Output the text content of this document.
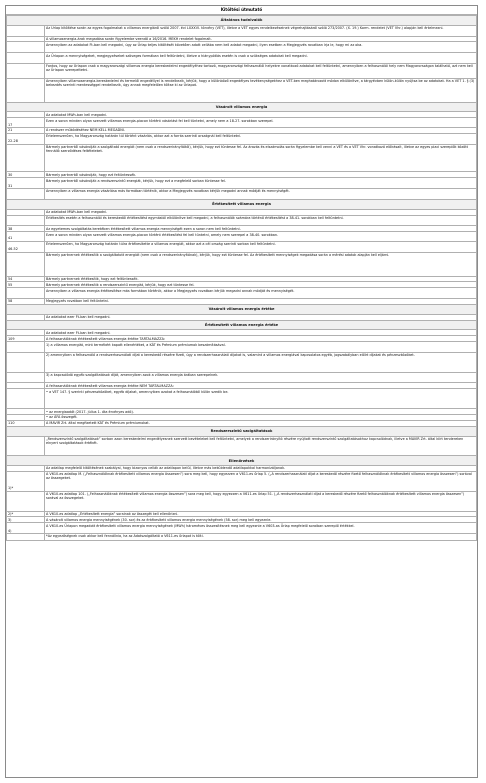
Kitöltési útmutató
Általános tudnivalók	
	Az Űrlap kitöltése során az egyes fogalmakat a villamos energiáról szóló 2007. évi LXXXVI. törvény (VET), illetve a VET egyes rendelkezéseinek végrehajtásáról szóló 273/2007. (X. 19.) Korm. rendelet (VET Vhr.) alapján kell értelmezni.
	A villamosenergia-árak megadása során figyelembe veendő a 16/2016. MEKH rendelet fogalmait.
	Amennyiben az adatokat Ft-ban kell megadni, úgy az Űrlap teljes kitöltését követően adott cellába nem kell adatot megadni, ilyen esetben a Megjegyzés rovatban írja le, hogy mi az oka.
	Az Űrlapon a mennyiségeket, megjegyzéseket szöveges formában kell feltüntetni, illetve a hiánypótlás esetén is csak a szükséges adatokat kell megadni.
	Fontos, hogy az Űrlapon csak a magyarországi villamos energia kereskedelmi engedélyéhez tartozó, magyarországi felhasználói helyekre vonatkozó adatokat kell feltüntetni, amennyiben a felhasználói hely nem Magyarországon található, azt nem kell az Űrlapon szerepeltetni.
	Amennyiben villamosenergia-kereskedelmi és termelői engedéllyel is rendelkezik, kérjük, hogy a különböző engedélyes tevékenységekhez a VET-ben meghatározott módon elkülönítve, a tárgyévben külön-külön nyújtsa be az adatokat. Ha a VET 1. § (3) bekezdés szerinti mentességgel rendelkezik, úgy annak megfelelően töltse ki az Űrlapot.
Vásárolt villamos energia	
	Az adatokat MWh-ban kell megadni.
17	Ezen a soron minden olyan szerzett villamos energia-piacon történt vásárlást fel kell tüntetni, amely nem a 18-27. sorokban szerepel.
21	A rendszer működéséhez NEM KELL MEGADNI.
22-28	Értelemszerűen, ha Magyarország határán túl történt vásárlás, akkor azt a forrás szerinti országnál kell feltüntetni.
	Bármely partnertől vásárolják a szolgáltató energiát (nem csak a rendszerirányítótól), kérjük, hogy ezt tüntesse fel. Az árazás és elszámolás során figyelembe kell venni a VET és a VET Vhr. vonatkozó előírásait, illetve az egyes piaci szereplők között fennálló szerződéses feltételeket.
30	Bármely partnertől vásárolják, hogy ezt feltüntessék.
31	Bármely partnertől vásárolják a rendszerszintű energiát, kérjük, hogy ezt a megfelelő sorban tüntesse fel.
	Amennyiben a villamos energia vásárlása más formában történik, akkor a Megjegyzés rovatban kérjük megadni annak módját és mennyiségét.
Értékesített villamos energia	
	Az adatokat MWh-ban kell megadni.
	Értékesítés esetén a felhasználói és kereskedői értékesítést egymástól elkülönítve kell megadni, a felhasználók számára történő értékesítést a 38-41. sorokban kell feltüntetni.
38	Az egyetemes szolgáltatás keretében értékesített villamos energia mennyiségét ezen a soron nem kell feltüntetni.
41	Ezen a soron minden olyan szerzett villamos energia-piacon történt értékesítést fel kell tüntetni, amely nem szerepel a 38-40. sorokban.
46-52	Értelemszerűen, ha Magyarország határán túlra értékesítette a villamos energiát, akkor azt a cél ország szerinti sorban kell feltüntetni.
	Bármely partnernek értékesítik a szolgáltatott energiát (nem csak a rendszerirányítónak), kérjük, hogy ezt tüntesse fel. Az értékesített mennyiségek megadása során a mérési adatok alapján kell eljárni.
54	Bármely partnernek értékesítik, hogy ezt feltüntessék.
55	Bármely partnernek értékesítik a rendszerszintű energiát, kérjük, hogy ezt tüntesse fel.
	Amennyiben a villamos energia értékesítése más formában történik, akkor a Megjegyzés rovatban kérjük megadni annak módját és mennyiségét.
58	Megjegyzés rovatban kell feltüntetni.
Vásárolt villamos energia értéke	
	Az adatokat ezer Ft-ban kell megadni.
Értékesített villamos energia értéke	
	Az adatokat ezer Ft-ban kell megadni.
109	A felhasználóknak értékesített villamos energia értéke TARTALMAZZA:
	1) a villamos energiát, mint termékért kapott ellenértéket, a KÁT és Prémium prémiumok beszámításával.
	2) amennyiben a felhasználó a rendszerhasználati díjat a kereskedő részére fizeti, úgy a rendszerhasználati díjakat is, valamint a villamos energiával kapcsolatos egyéb, jogszabályban előírt díjakat és pénzeszközöket.
	3) a kapcsolódó egyéb szolgáltatások díját, amennyiben azok a villamos energia árában szerepelnek.
	A felhasználóknak értékesített villamos energia értéke NEM TARTALMAZZA:
	• a VET 147. § szerinti pénzeszközöket, egyéb díjakat, amennyiben azokat a felhasználótól külön szedik be.
	• az energiaadót (2017. július 1. óta érvényes adó).
	• az ÁFA összegét.
110	A MAVIR Zrt. által megfizetett KÁT és Prémium prémiumokat.
Rendszerszintű szolgáltatások	
	„Rendszerszintű szolgáltatások” sorban azon kereskedelmi engedélyesnek szerzett bevételeket kell feltüntetni, amelyek a rendszerirányító részére nyújtott rendszerszintű szolgáltatásokhoz kapcsolódnak, illetve a MAVIR Zrt. által kiírt tendereken elnyert szolgáltatások értékét.
Ellenőrzések	
	Az adatlap megfelelő kitöltésének szabályai, hogy bizonyos cellák az adatlapon belül, illetve más beküldendő adatlapokkal harmonizáljanak.
1)*	A V610-es adatlap M. („Felhasználóknak értékesített villamos energia összesen”) sora meg kell, hogy egyezzen a V611-es űrlap 5. („A rendszerhasználati díjat a kereskedő részére fizető felhasználóknak értékesített villamos energia összesen”) sorával az összegeket.
	A V610-es adatlap 101. („Felhasználóknak értékesített villamos energia összesen”) sora meg kell, hogy egyezzen a V611-es űrlap 51. („A rendszerhasználati díjat a kereskedő részére fizető felhasználóknak értékesített villamos energia összesen”) sorával az összegeket.
2)*	A V610-es adatlap „Értékesített energia” sorainak az összegét kell ellenőrizni.
3)	A vásárolt villamos energia mennyiségének (30. sor) és az értékesített villamos energia mennyiségének (58. sor) meg kell egyeznie.
4)	A V610-es Űrlapon megadott értékesített villamos energia mennyiségének (MWh) hároméves összesítésnek meg kell egyeznie a V603-as Űrlap megfelelő soraiban szereplő értékkel.
	*Az egyezőségnek csak akkor kell fennállnia, ha az Adatszolgáltató a V611-es űrlapot is tölti.
